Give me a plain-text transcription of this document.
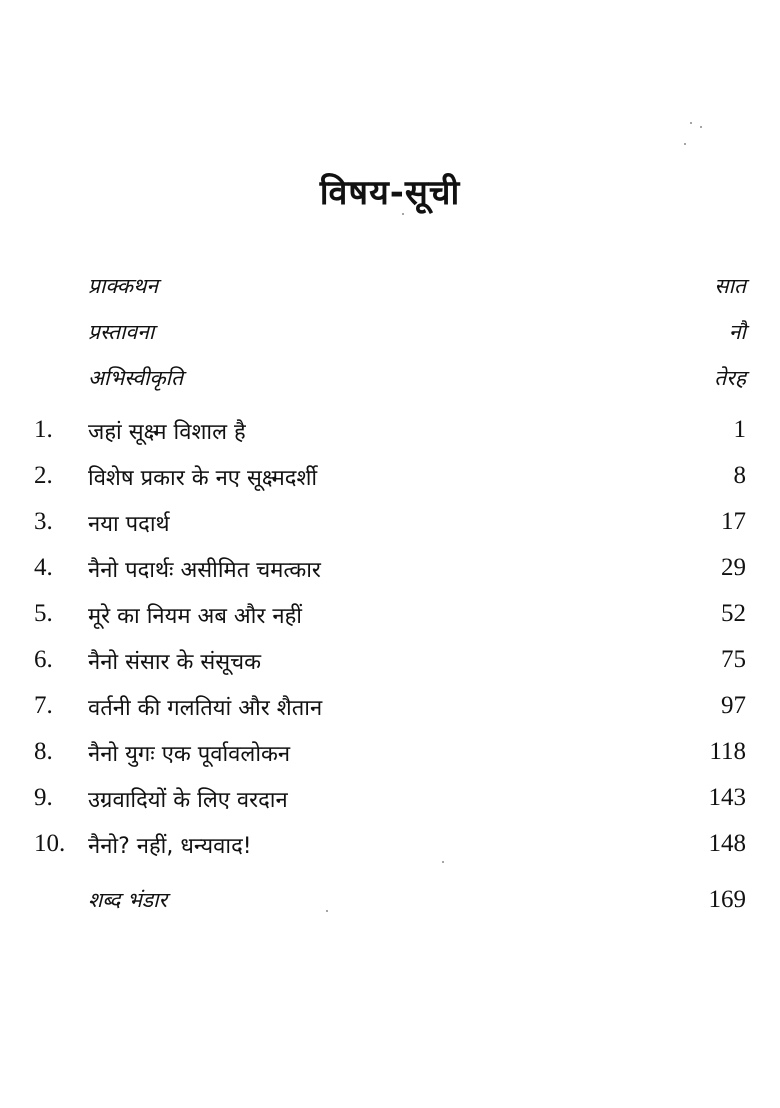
विषय-सूची
प्राक्कथन	सात
प्रस्तावना	नौ
अभिस्वीकृति	तेरह
1.	जहां सूक्ष्म विशाल है	1
2.	विशेष प्रकार के नए सूक्ष्मदर्शी	8
3.	नया पदार्थ	17
4.	नैनो पदार्थः असीमित चमत्कार	29
5.	मूरे का नियम अब और नहीं	52
6.	नैनो संसार के संसूचक	75
7.	वर्तनी की गलतियां और शैतान	97
8.	नैनो युगः एक पूर्वावलोकन	118
9.	उग्रवादियों के लिए वरदान	143
10.	नैनो? नहीं, धन्यवाद!	148
शब्द भंडार	169
